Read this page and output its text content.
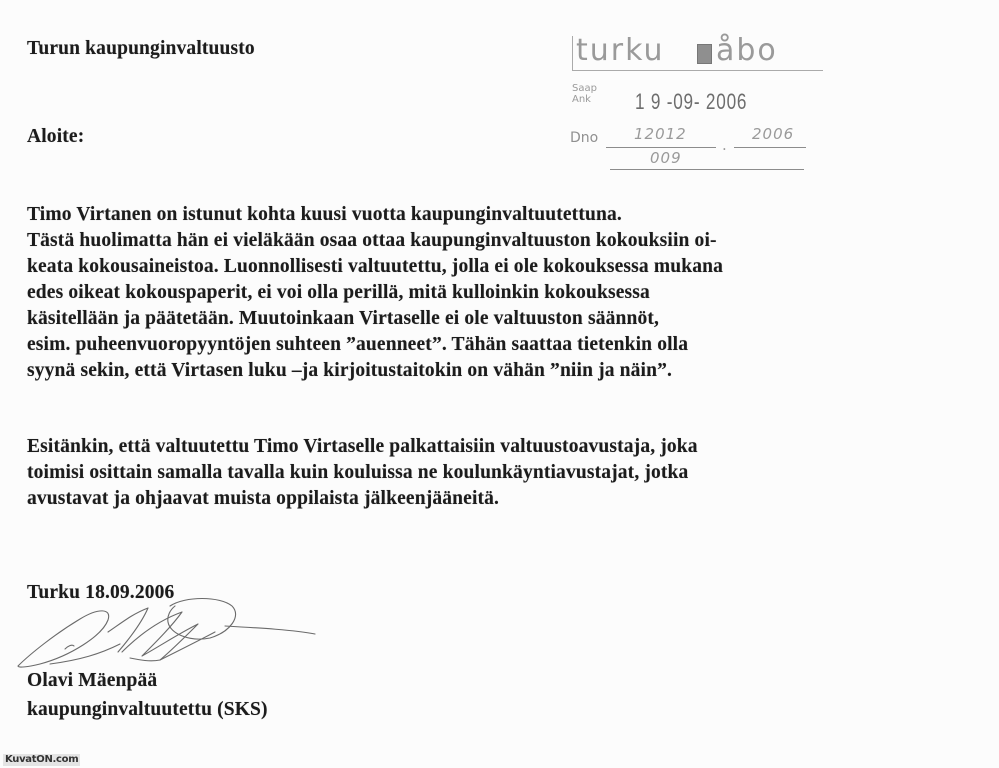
Turun kaupunginvaltuusto	turku åbo
Saap
Ank 1 9 -09- 2006
Dno 12012
.
2006
009
Aloite:
Timo Virtanen on istunut kohta kuusi vuotta kaupunginvaltuutettuna.
Tästä huolimatta hän ei vieläkään osaa ottaa kaupunginvaltuuston kokouksiin oi-
keata kokousaineistoa. Luonnollisesti valtuutettu, jolla ei ole kokouksessa mukana
edes oikeat kokouspaperit, ei voi olla perillä, mitä kulloinkin kokouksessa
käsitellään ja päätetään. Muutoinkaan Virtaselle ei ole valtuuston säännöt,
esim. puheenvuoropyyntöjen suhteen ”auenneet”. Tähän saattaa tietenkin olla
syynä sekin, että Virtasen luku –ja kirjoitustaitokin on vähän ”niin ja näin”.
Esitänkin, että valtuutettu Timo Virtaselle palkattaisiin valtuustoavustaja, joka
toimisi osittain samalla tavalla kuin kouluissa ne koulunkäyntiavustajat, jotka
avustavat ja ohjaavat muista oppilaista jälkeenjääneitä.
Turku 18.09.2006
Olavi Mäenpää
kaupunginvaltuutettu (SKS)
KuvatON.com
